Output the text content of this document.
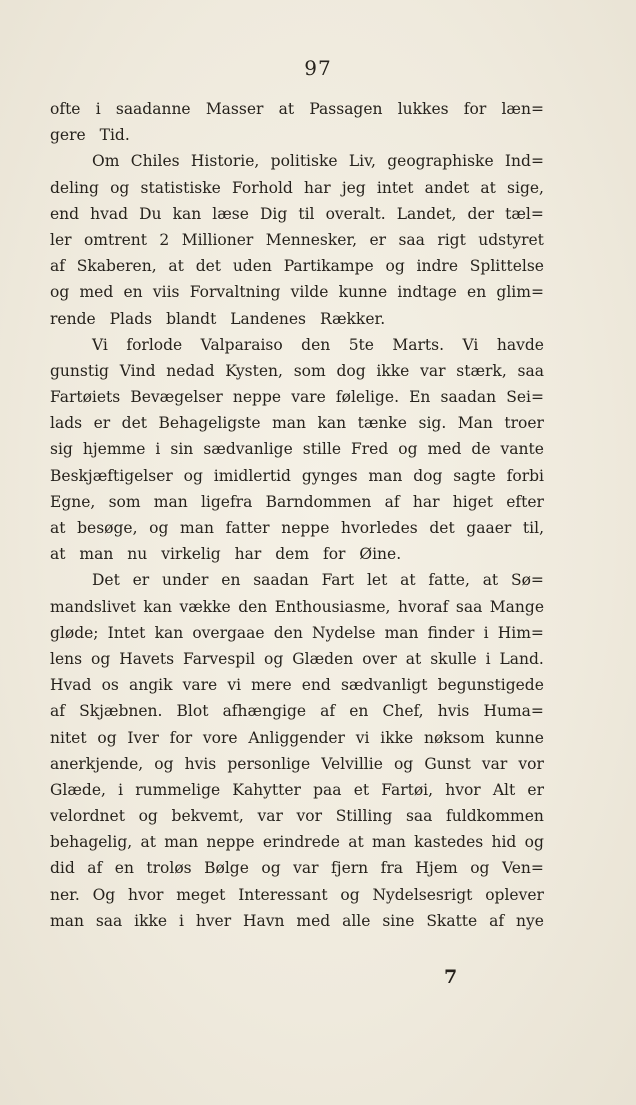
97
ofte i saadanne Masser at Passagen lukkes for læn=
gere Tid.
Om Chiles Historie, politiske Liv, geographiske Ind=
deling og statistiske Forhold har jeg intet andet at sige,
end hvad Du kan læse Dig til overalt. Landet, der tæl=
ler omtrent 2 Millioner Mennesker, er saa rigt udstyret
af Skaberen, at det uden Partikampe og indre Splittelse
og med en viis Forvaltning vilde kunne indtage en glim=
rende Plads blandt Landenes Rækker.
Vi forlode Valparaiso den 5te Marts. Vi havde
gunstig Vind nedad Kysten, som dog ikke var stærk, saa
Fartøiets Bevægelser neppe vare følelige. En saadan Sei=
lads er det Behageligste man kan tænke sig. Man troer
sig hjemme i sin sædvanlige stille Fred og med de vante
Beskjæftigelser og imidlertid gynges man dog sagte forbi
Egne, som man ligefra Barndommen af har higet efter
at besøge, og man fatter neppe hvorledes det gaaer til,
at man nu virkelig har dem for Øine.
Det er under en saadan Fart let at fatte, at Sø=
mandslivet kan vække den Enthousiasme, hvoraf saa Mange
gløde; Intet kan overgaae den Nydelse man finder i Him=
lens og Havets Farvespil og Glæden over at skulle i Land.
Hvad os angik vare vi mere end sædvanligt begunstigede
af Skjæbnen. Blot afhængige af en Chef, hvis Huma=
nitet og Iver for vore Anliggender vi ikke nøksom kunne
anerkjende, og hvis personlige Velvillie og Gunst var vor
Glæde, i rummelige Kahytter paa et Fartøi, hvor Alt er
velordnet og bekvemt, var vor Stilling saa fuldkommen
behagelig, at man neppe erindrede at man kastedes hid og
did af en troløs Bølge og var fjern fra Hjem og Ven=
ner. Og hvor meget Interessant og Nydelsesrigt oplever
man saa ikke i hver Havn med alle sine Skatte af nye
7
